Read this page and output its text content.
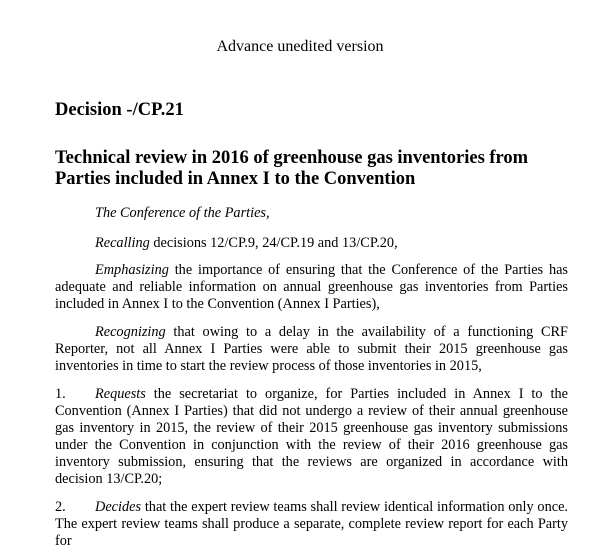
Advance unedited version
Decision -/CP.21
Technical review in 2016 of greenhouse gas inventories from Parties included in Annex I to the Convention

The Conference of the Parties,

Recalling decisions 12/CP.9, 24/CP.19 and 13/CP.20,

Emphasizing the importance of ensuring that the Conference of the Parties has adequate and reliable information on annual greenhouse gas inventories from Parties included in Annex I to the Convention (Annex I Parties),

Recognizing that owing to a delay in the availability of a functioning CRF Reporter, not all Annex I Parties were able to submit their 2015 greenhouse gas inventories in time to start the review process of those inventories in 2015,

1. Requests the secretariat to organize, for Parties included in Annex I to the Convention (Annex I Parties) that did not undergo a review of their annual greenhouse gas inventory in 2015, the review of their 2015 greenhouse gas inventory submissions under the Convention in conjunction with the review of their 2016 greenhouse gas inventory submission, ensuring that the reviews are organized in accordance with decision 13/CP.20;

2. Decides that the expert review teams shall review identical information only once. The expert review teams shall produce a separate, complete review report for each Party for
